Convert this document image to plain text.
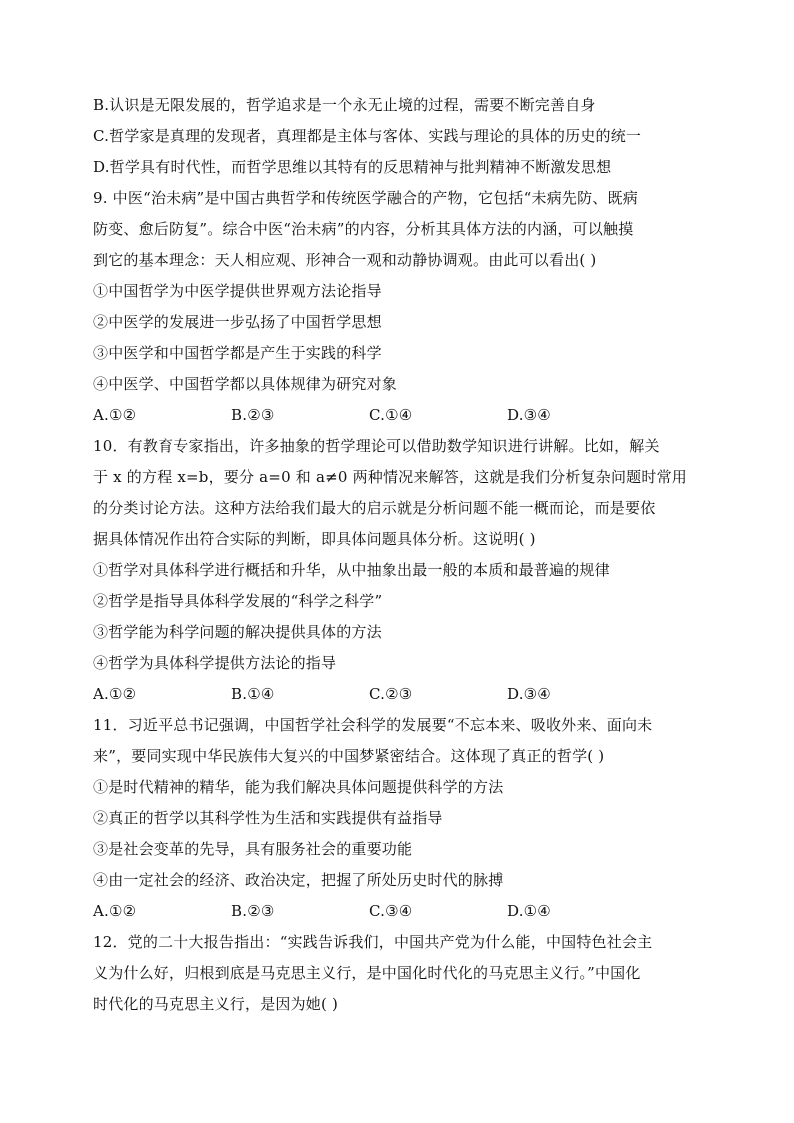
B.认识是无限发展的，哲学追求是一个永无止境的过程，需要不断完善自身
C.哲学家是真理的发现者，真理都是主体与客体、实践与理论的具体的历史的统一
D.哲学具有时代性，而哲学思维以其特有的反思精神与批判精神不断激发思想
9. 中医“治未病”是中国古典哲学和传统医学融合的产物，它包括“未病先防、既病
防变、愈后防复”。综合中医“治未病”的内容，分析其具体方法的内涵，可以触摸
到它的基本理念：天人相应观、形神合一观和动静协调观。由此可以看出( )
①中国哲学为中医学提供世界观方法论指导
②中医学的发展进一步弘扬了中国哲学思想
③中医学和中国哲学都是产生于实践的科学
④中医学、中国哲学都以具体规律为研究对象
A.①②	B.②③	C.①④	D.③④
10．有教育专家指出，许多抽象的哲学理论可以借助数学知识进行讲解。比如，解关
于 x 的方程 x=b，要分 a=0 和 a≠0 两种情况来解答，这就是我们分析复杂问题时常用
的分类讨论方法。这种方法给我们最大的启示就是分析问题不能一概而论，而是要依
据具体情况作出符合实际的判断，即具体问题具体分析。这说明( )
①哲学对具体科学进行概括和升华，从中抽象出最一般的本质和最普遍的规律
②哲学是指导具体科学发展的“科学之科学”
③哲学能为科学问题的解决提供具体的方法
④哲学为具体科学提供方法论的指导
A.①②	B.①④	C.②③	D.③④
11．习近平总书记强调，中国哲学社会科学的发展要“不忘本来、吸收外来、面向未
来”，要同实现中华民族伟大复兴的中国梦紧密结合。这体现了真正的哲学( )
①是时代精神的精华，能为我们解决具体问题提供科学的方法
②真正的哲学以其科学性为生活和实践提供有益指导
③是社会变革的先导，具有服务社会的重要功能
④由一定社会的经济、政治决定，把握了所处历史时代的脉搏
A.①②	B.②③	C.③④	D.①④
12．党的二十大报告指出：“实践告诉我们，中国共产党为什么能，中国特色社会主
义为什么好，归根到底是马克思主义行，是中国化时代化的马克思主义行。”中国化
时代化的马克思主义行，是因为她( )
